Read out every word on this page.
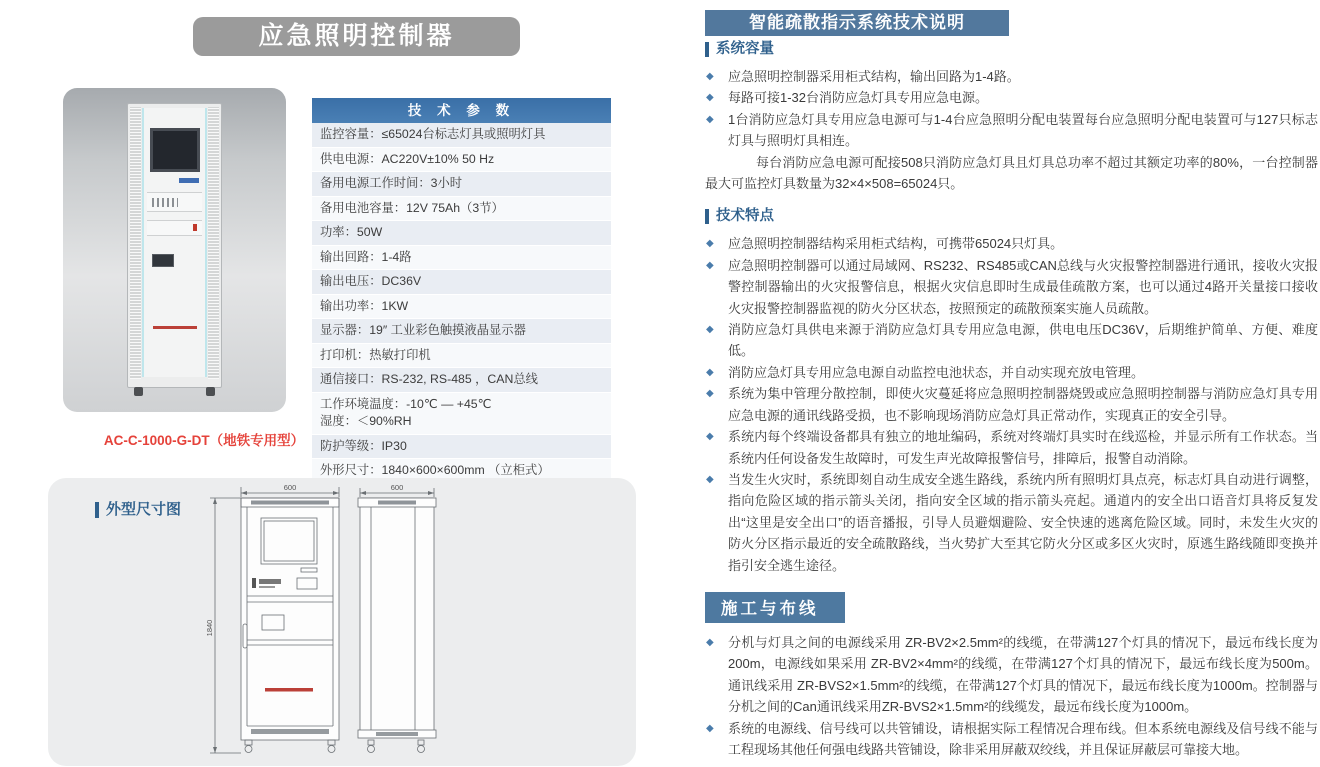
应急照明控制器
AC-C-1000-G-DT（地铁专用型）
技 术 参 数
监控容量：≤65024台标志灯具或照明灯具
供电电源：AC220V±10% 50 Hz
备用电源工作时间：3小时
备用电池容量：12V 75Ah（3节）
功率：50W
输出回路：1-4路
输出电压：DC36V
输出功率：1KW
显示器：19″ 工业彩色触摸液晶显示器
打印机：热敏打印机
通信接口：RS-232, RS-485 ，CAN总线
工作环境温度：-10℃ — +45℃
湿度：＜90%RH
防护等级：IP30
外形尺寸：1840×600×600mm （立柜式）
外型尺寸图
600
1840
600
智能疏散指示系统技术说明
系统容量
◆ 应急照明控制器采用柜式结构，输出回路为1-4路。
◆ 每路可接1-32台消防应急灯具专用应急电源。
◆ 1台消防应急灯具专用应急电源可与1-4台应急照明分配电装置每台应急照明分配电装置可与127只标志灯具与照明灯具相连。
每台消防应急电源可配接508只消防应急灯具且灯具总功率不超过其额定功率的80%，一台控制器最大可监控灯具数量为32×4×508=65024只。
技术特点
◆ 应急照明控制器结构采用柜式结构，可携带65024只灯具。
◆ 应急照明控制器可以通过局域网、RS232、RS485或CAN总线与火灾报警控制器进行通讯，接收火灾报警控制器输出的火灾报警信息，根据火灾信息即时生成最佳疏散方案，也可以通过4路开关量接口接收火灾报警控制器监视的防火分区状态，按照预定的疏散预案实施人员疏散。
◆ 消防应急灯具供电来源于消防应急灯具专用应急电源，供电电压DC36V，后期维护简单、方便、难度低。
◆ 消防应急灯具专用应急电源自动监控电池状态，并自动实现充放电管理。
◆ 系统为集中管理分散控制，即使火灾蔓延将应急照明控制器烧毁或应急照明控制器与消防应急灯具专用应急电源的通讯线路受损，也不影响现场消防应急灯具正常动作，实现真正的安全引导。
◆ 系统内每个终端设备都具有独立的地址编码，系统对终端灯具实时在线巡检，并显示所有工作状态。当系统内任何设备发生故障时，可发生声光故障报警信号，排障后，报警自动消除。
◆ 当发生火灾时，系统即刻自动生成安全逃生路线，系统内所有照明灯具点亮，标志灯具自动进行调整，指向危险区域的指示箭头关闭，指向安全区域的指示箭头亮起。通道内的安全出口语音灯具将反复发出“这里是安全出口”的语音播报，引导人员避烟避险、安全快速的逃离危险区域。同时，未发生火灾的防火分区指示最近的安全疏散路线，当火势扩大至其它防火分区或多区火灾时，原逃生路线随即变换并指引安全逃生途径。
施工与布线
◆ 分机与灯具之间的电源线采用 ZR-BV2×2.5mm²的线缆，在带满127个灯具的情况下，最远布线长度为200m，电源线如果采用 ZR-BV2×4mm²的线缆，在带满127个灯具的情况下，最远布线长度为500m。通讯线采用 ZR-BVS2×1.5mm²的线缆，在带满127个灯具的情况下，最远布线长度为1000m。控制器与分机之间的Can通讯线采用ZR-BVS2×1.5mm²的线缆发，最远布线长度为1000m。
◆ 系统的电源线、信号线可以共管铺设，请根据实际工程情况合理布线。但本系统电源线及信号线不能与工程现场其他任何强电线路共管铺设，除非采用屏蔽双绞线，并且保证屏蔽层可靠接大地。
